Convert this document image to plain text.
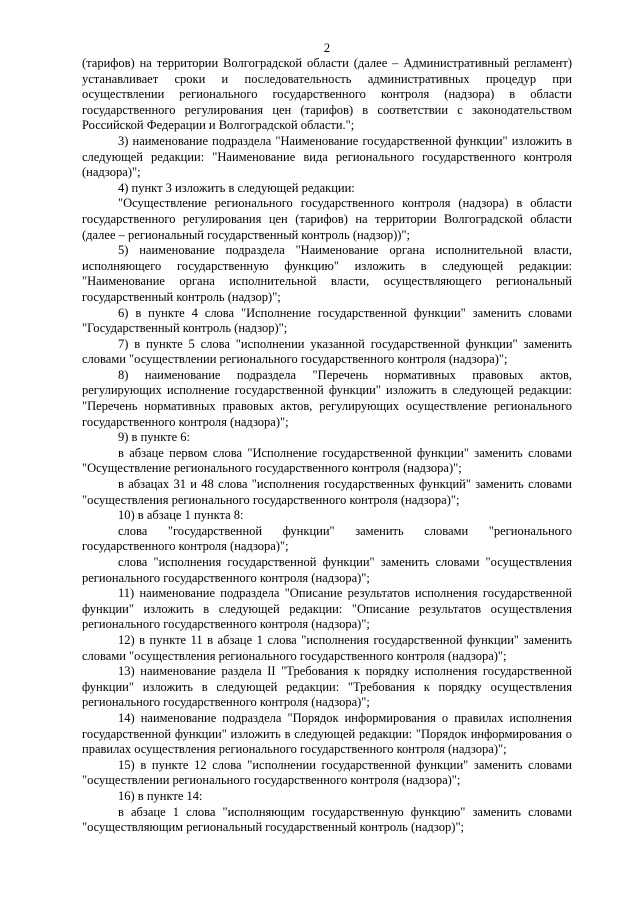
2

(тарифов) на территории Волгоградской области (далее – Административный регламент) устанавливает сроки и последовательность административных процедур при осуществлении регионального государственного контроля (надзора) в области государственного регулирования цен (тарифов) в соответствии с законодательством Российской Федерации и Волгоградской области.";

3) наименование подраздела "Наименование государственной функции" изложить в следующей редакции: "Наименование вида регионального государственного контроля (надзора)";

4) пункт 3 изложить в следующей редакции:

"Осуществление регионального государственного контроля (надзора) в области государственного регулирования цен (тарифов) на территории Волгоградской области (далее – региональный государственный контроль (надзор))";

5) наименование подраздела "Наименование органа исполнительной власти, исполняющего государственную функцию" изложить в следующей редакции: "Наименование органа исполнительной власти, осуществляющего региональный государственный контроль (надзор)";

6) в пункте 4 слова "Исполнение государственной функции" заменить словами "Государственный контроль (надзор)";

7) в пункте 5 слова "исполнении указанной государственной функции" заменить словами "осуществлении регионального государственного контроля (надзора)";

8) наименование подраздела "Перечень нормативных правовых актов, регулирующих исполнение государственной функции" изложить в следующей редакции: "Перечень нормативных правовых актов, регулирующих осуществление регионального государственного контроля (надзора)";

9) в пункте 6:

в абзаце первом слова "Исполнение государственной функции" заменить словами "Осуществление регионального государственного контроля (надзора)";

в абзацах 31 и 48 слова "исполнения государственных функций" заменить словами "осуществления регионального государственного контроля (надзора)";

10) в абзаце 1 пункта 8:

слова "государственной функции" заменить словами "регионального государственного контроля (надзора)";

слова "исполнения государственной функции" заменить словами "осуществления регионального государственного контроля (надзора)";

11) наименование подраздела "Описание результатов исполнения государственной функции" изложить в следующей редакции: "Описание результатов осуществления регионального государственного контроля (надзора)";

12) в пункте 11 в абзаце 1 слова "исполнения государственной функции" заменить словами "осуществления регионального государственного контроля (надзора)";

13) наименование раздела II "Требования к порядку исполнения государственной функции" изложить в следующей редакции: "Требования к порядку осуществления регионального государственного контроля (надзора)";

14) наименование подраздела "Порядок информирования о правилах исполнения государственной функции" изложить в следующей редакции: "Порядок информирования о правилах осуществления регионального государственного контроля (надзора)";

15) в пункте 12 слова "исполнении государственной функции" заменить словами "осуществлении регионального государственного контроля (надзора)";

16) в пункте 14:

в абзаце 1 слова "исполняющим государственную функцию" заменить словами "осуществляющим региональный государственный контроль (надзор)";
